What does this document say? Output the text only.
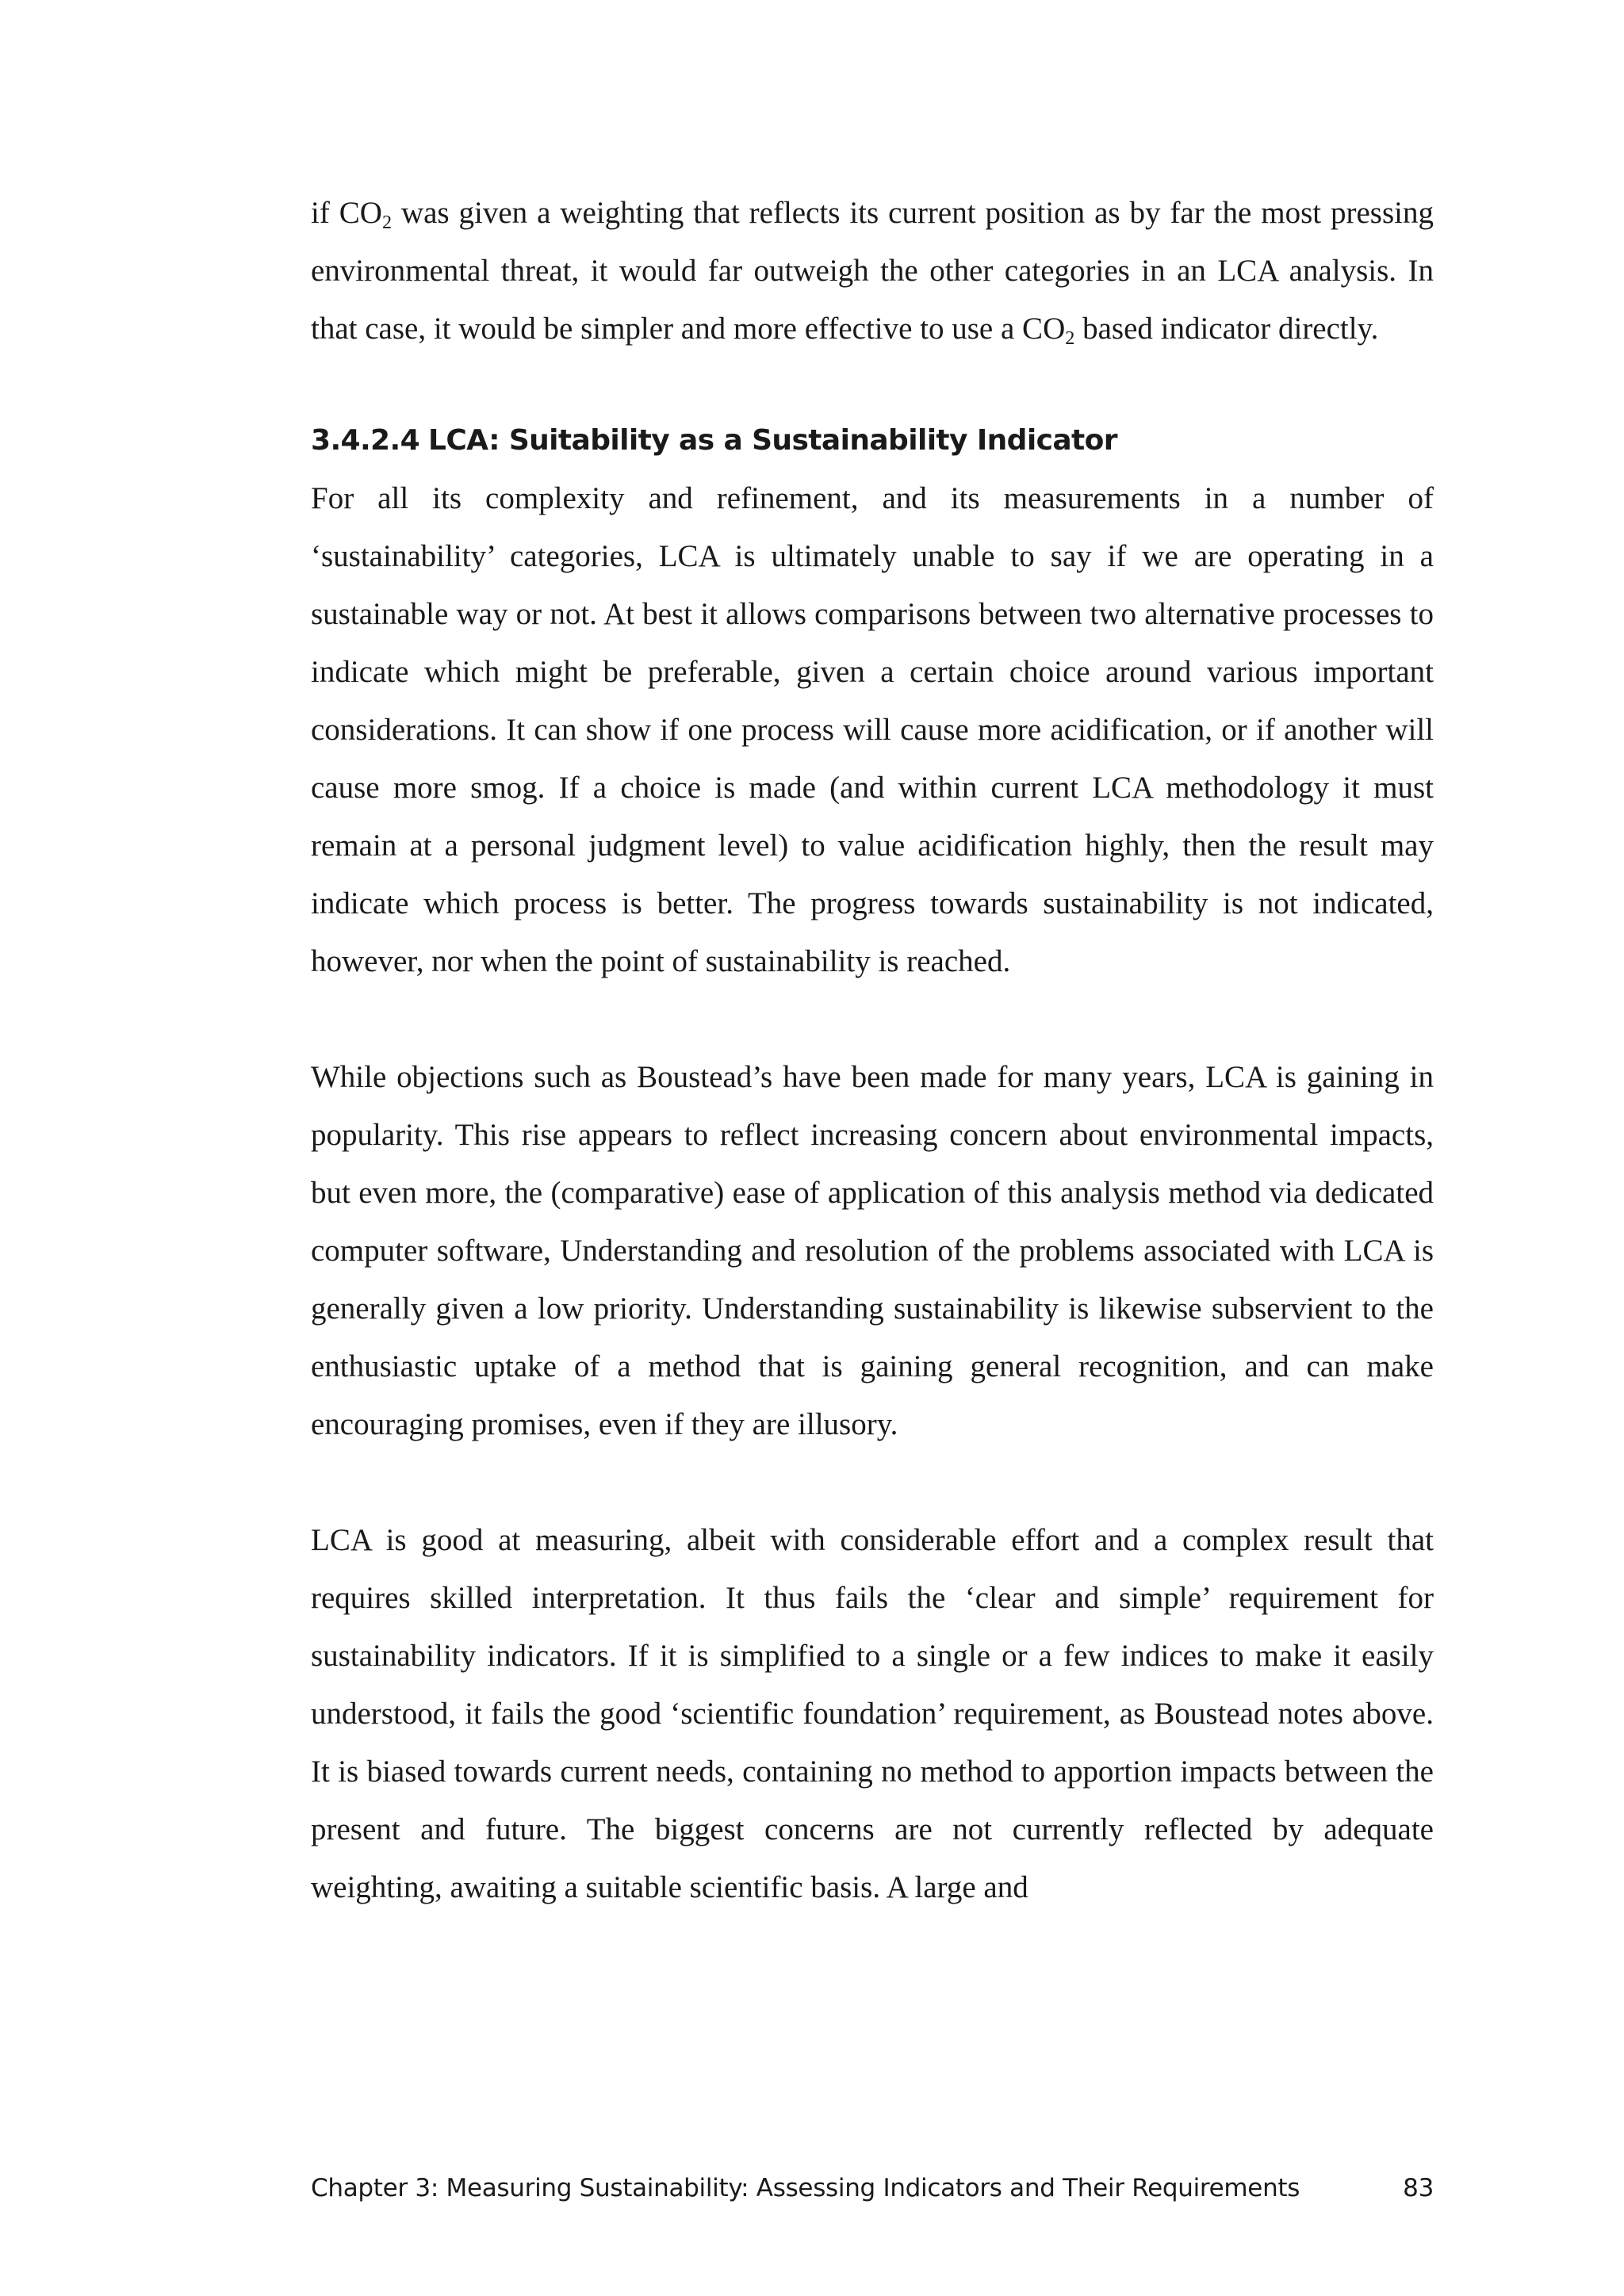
if CO2 was given a weighting that reflects its current position as by far the most pressing environmental threat, it would far outweigh the other categories in an LCA analysis. In that case, it would be simpler and more effective to use a CO2 based indicator directly.

3.4.2.4 LCA: Suitability as a Sustainability Indicator

For all its complexity and refinement, and its measurements in a number of ‘sustainability’ categories, LCA is ultimately unable to say if we are operating in a sustainable way or not. At best it allows comparisons between two alternative processes to indicate which might be preferable, given a certain choice around various important considerations. It can show if one process will cause more acidification, or if another will cause more smog. If a choice is made (and within current LCA methodology it must remain at a personal judgment level) to value acidification highly, then the result may indicate which process is better. The progress towards sustainability is not indicated, however, nor when the point of sustainability is reached.

While objections such as Boustead’s have been made for many years, LCA is gaining in popularity. This rise appears to reflect increasing concern about environmental impacts, but even more, the (comparative) ease of application of this analysis method via dedicated computer software, Understanding and resolution of the problems associated with LCA is generally given a low priority. Understanding sustainability is likewise subservient to the enthusiastic uptake of a method that is gaining general recognition, and can make encouraging promises, even if they are illusory.

LCA is good at measuring, albeit with considerable effort and a complex result that requires skilled interpretation. It thus fails the ‘clear and simple’ requirement for sustainability indicators. If it is simplified to a single or a few indices to make it easily understood, it fails the good ‘scientific foundation’ requirement, as Boustead notes above. It is biased towards current needs, containing no method to apportion impacts between the present and future. The biggest concerns are not currently reflected by adequate weighting, awaiting a suitable scientific basis. A large and

Chapter 3: Measuring Sustainability: Assessing Indicators and Their Requirements	83
